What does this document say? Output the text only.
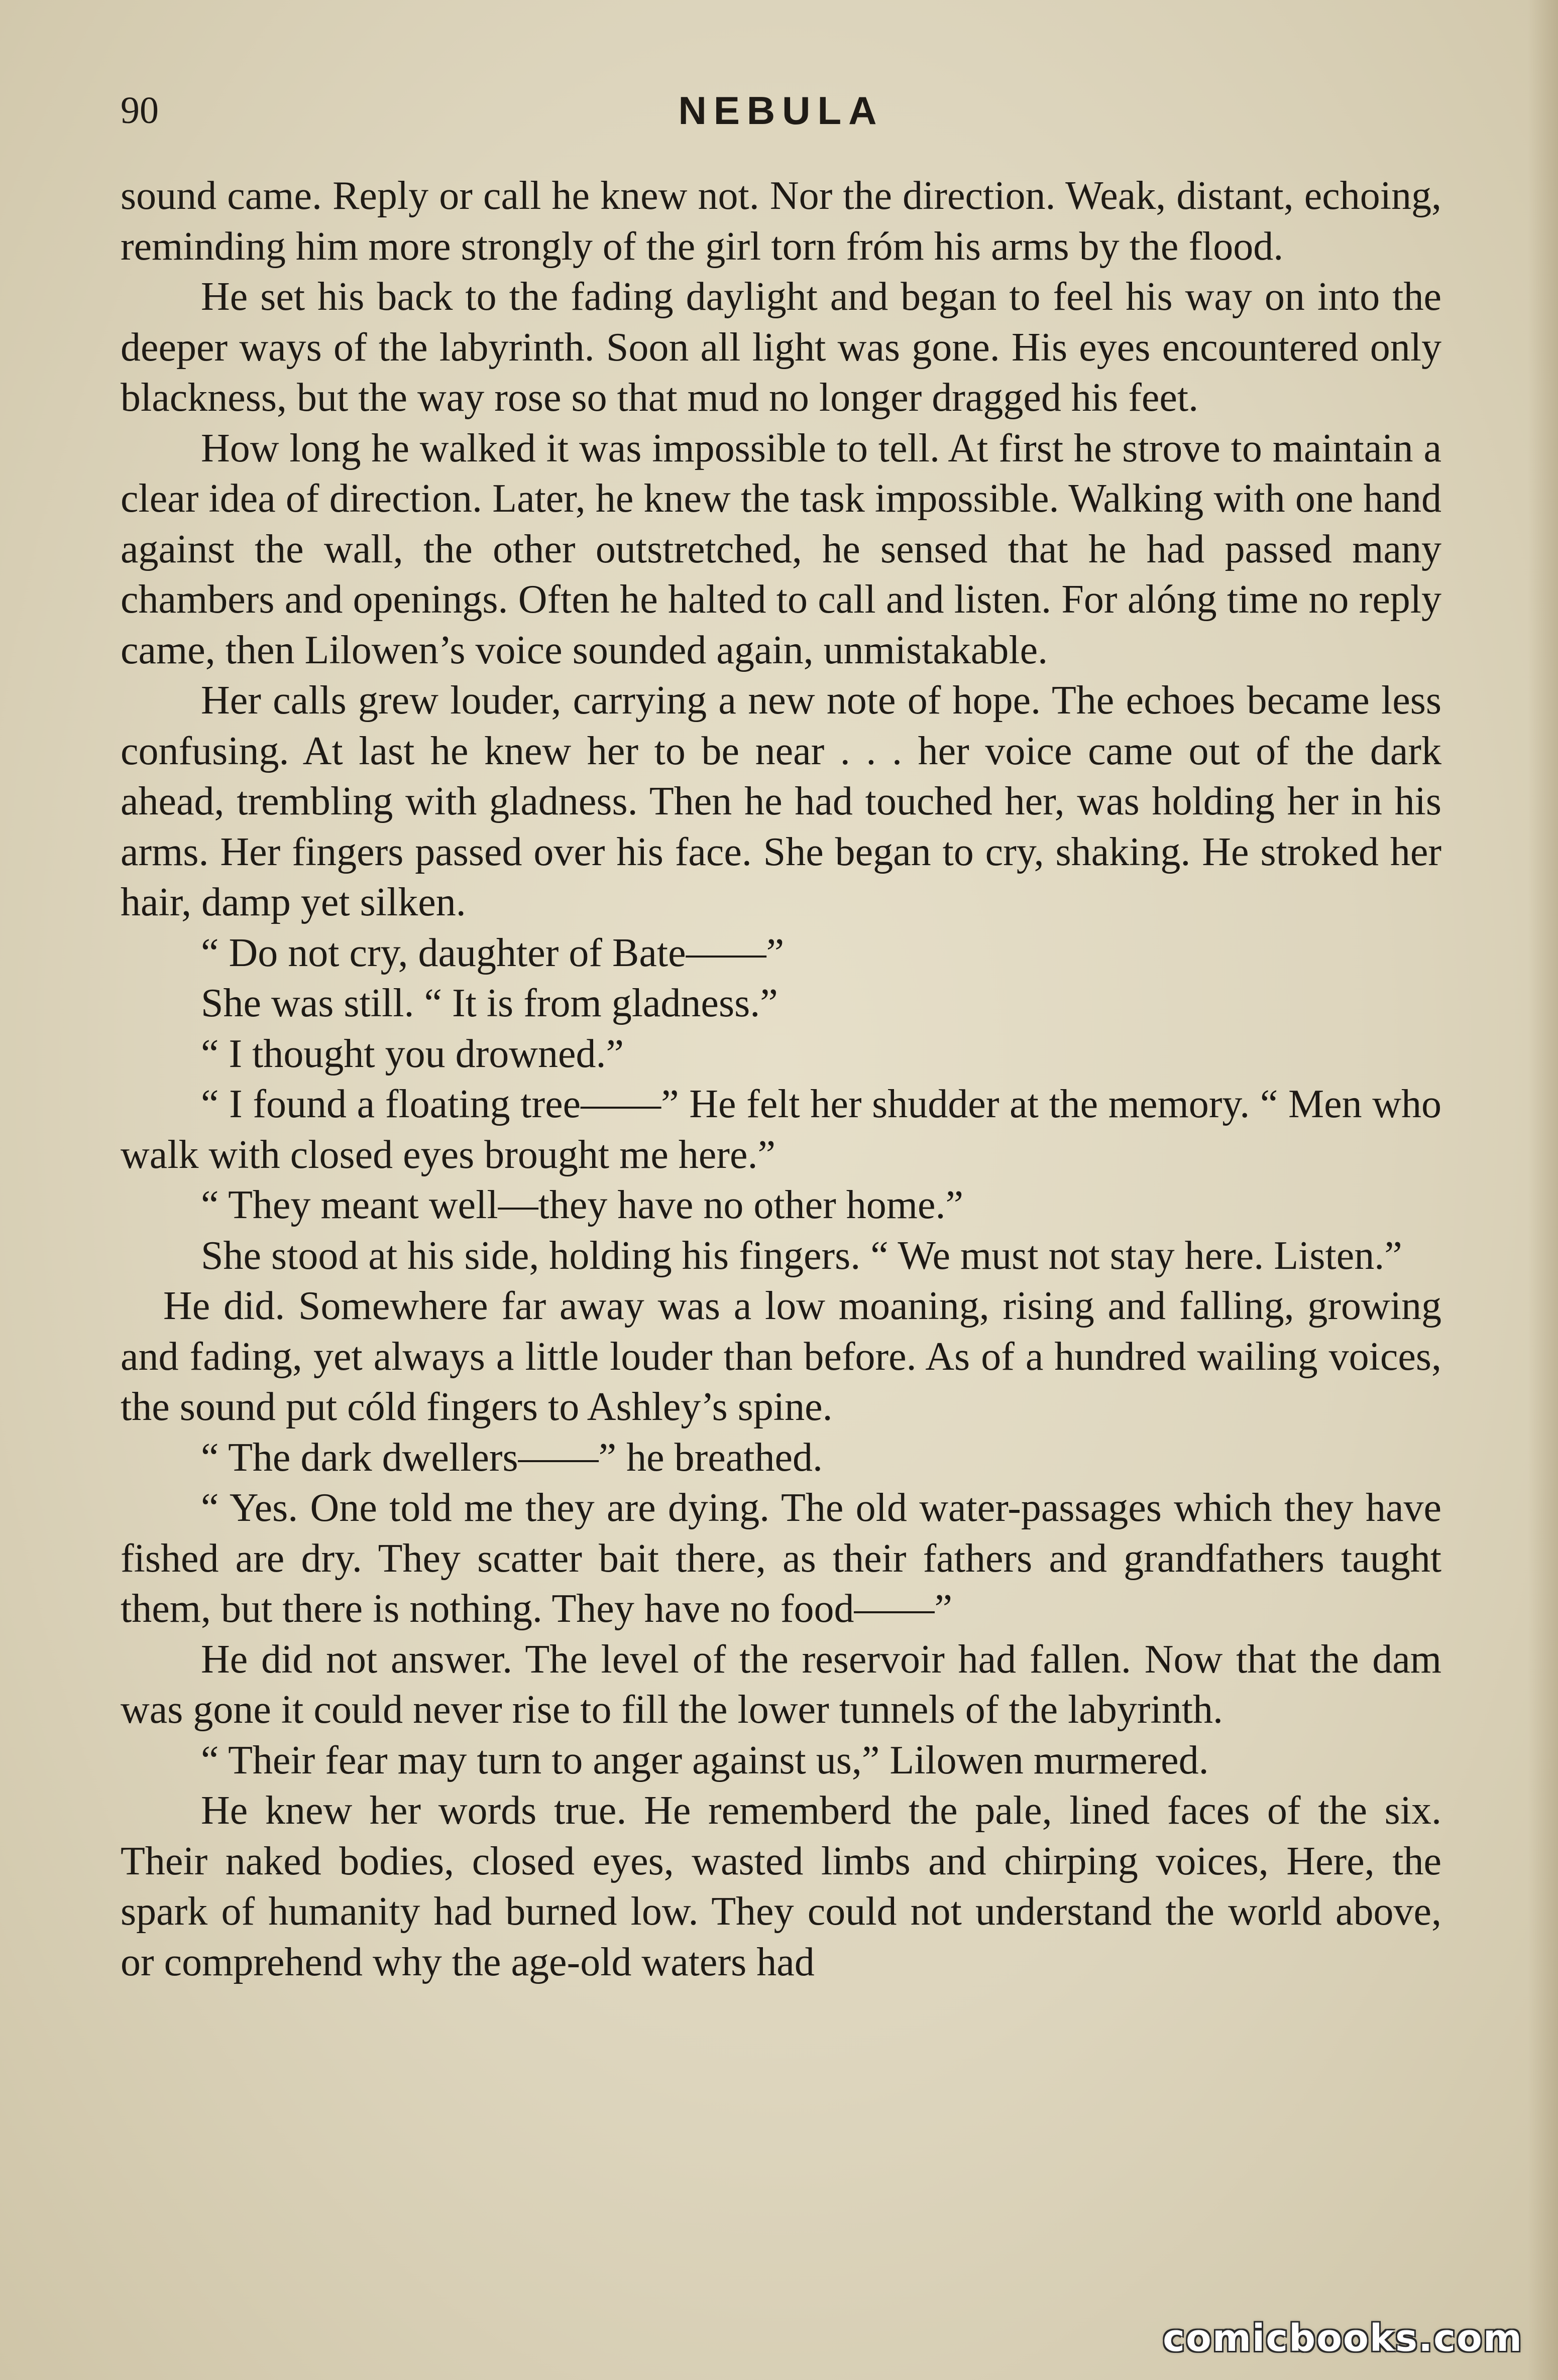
90	NEBULA

sound came. Reply or call he knew not. Nor the direction. Weak, distant, echoing, reminding him more strongly of the girl torn fróm his arms by the flood.

He set his back to the fading daylight and began to feel his way on into the deeper ways of the labyrinth. Soon all light was gone. His eyes encountered only blackness, but the way rose so that mud no longer dragged his feet.

How long he walked it was impossible to tell. At first he strove to maintain a clear idea of direction. Later, he knew the task impossible. Walking with one hand against the wall, the other outstretched, he sensed that he had passed many chambers and openings. Often he halted to call and listen. For alóng time no reply came, then Lilowen’s voice sounded again, unmistakable.

Her calls grew louder, carrying a new note of hope. The echoes became less confusing. At last he knew her to be near . . . her voice came out of the dark ahead, trembling with gladness. Then he had touched her, was holding her in his arms. Her fingers passed over his face. She began to cry, shaking. He stroked her hair, damp yet silken.

“ Do not cry, daughter of Bate——”

She was still. “ It is from gladness.”

“ I thought you drowned.”

“ I found a floating tree——” He felt her shudder at the memory. “ Men who walk with closed eyes brought me here.”

“ They meant well—they have no other home.”

She stood at his side, holding his fingers. “ We must not stay here. Listen.”

He did. Somewhere far away was a low moaning, rising and falling, growing and fading, yet always a little louder than before. As of a hundred wailing voices, the sound put cóld fingers to Ashley’s spine.

“ The dark dwellers——” he breathed.

“ Yes. One told me they are dying. The old water-passages which they have fished are dry. They scatter bait there, as their fathers and grandfathers taught them, but there is nothing. They have no food——”

He did not answer. The level of the reservoir had fallen. Now that the dam was gone it could never rise to fill the lower tunnels of the labyrinth.

“ Their fear may turn to anger against us,” Lilowen murmered.

He knew her words true. He rememberd the pale, lined faces of the six. Their naked bodies, closed eyes, wasted limbs and chirping voices, Here, the spark of humanity had burned low. They could not understand the world above, or comprehend why the age-old waters had

comicbooks.com
